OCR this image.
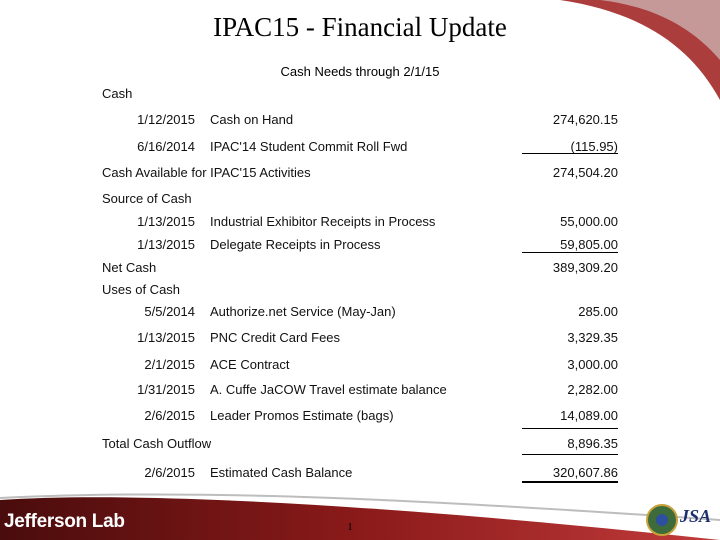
IPAC15 - Financial Update
Cash Needs through 2/1/15
Cash
1/12/2015 Cash on Hand	274,620.15
6/16/2014 IPAC'14 Student Commit Roll Fwd	(115.95)
Cash Available for IPAC'15 Activities	274,504.20
Source of Cash
1/13/2015 Industrial Exhibitor Receipts in Process	55,000.00
1/13/2015 Delegate Receipts in Process	59,805.00
Net Cash	389,309.20
Uses of Cash
5/5/2014 Authorize.net Service (May-Jan)	285.00
1/13/2015 PNC Credit Card Fees	3,329.35
2/1/2015 ACE Contract	3,000.00
1/31/2015 A. Cuffe JaCOW Travel estimate balance	2,282.00
2/6/2015 Leader Promos Estimate (bags)	14,089.00
Total Cash Outflow	8,896.35
2/6/2015 Estimated Cash Balance	320,607.86
Jefferson Lab	1
JSA
